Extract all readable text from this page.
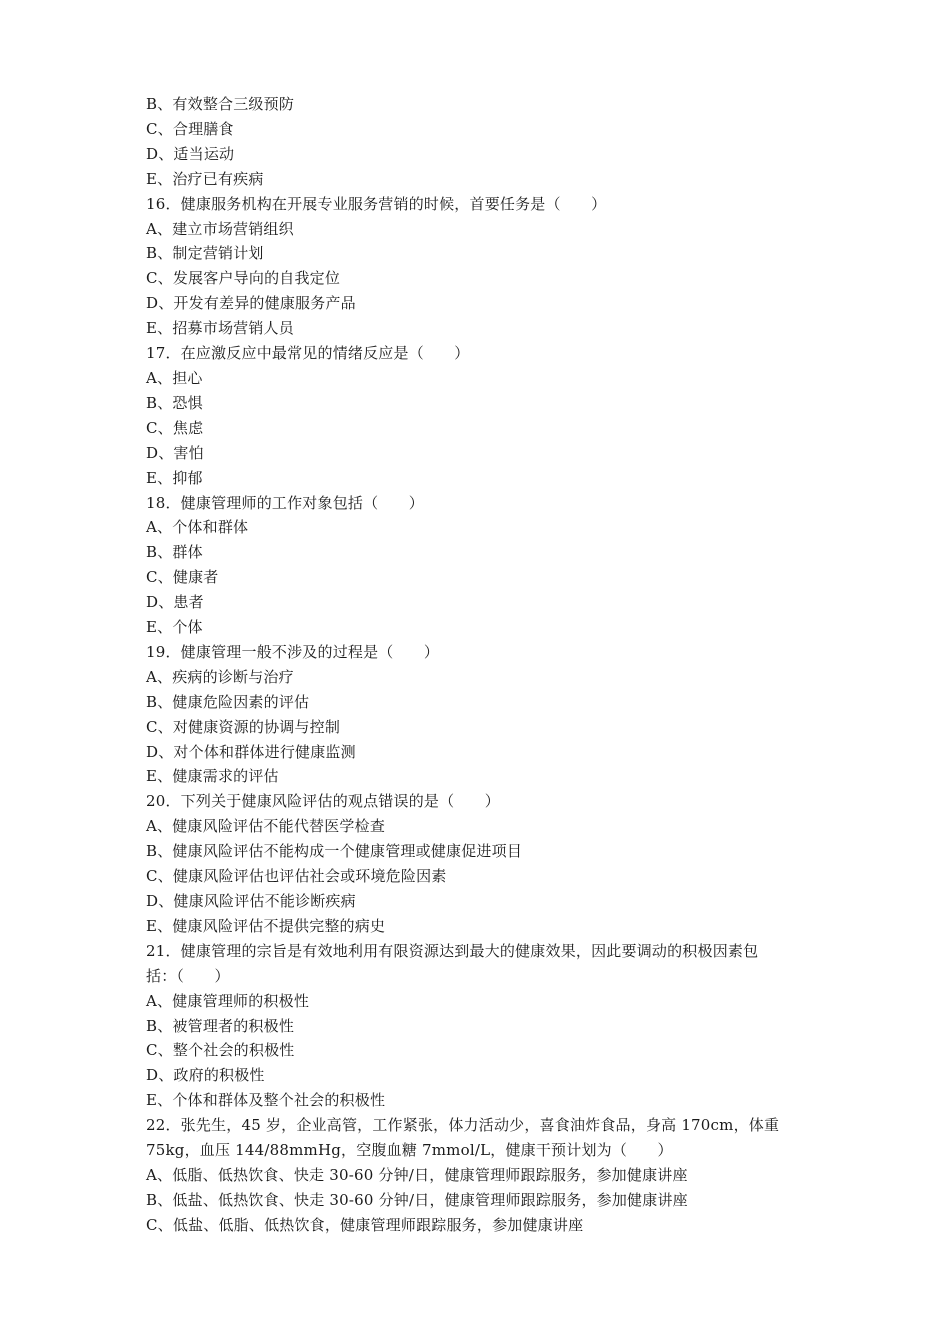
B、有效整合三级预防
C、合理膳食
D、适当运动
E、治疗已有疾病
16．健康服务机构在开展专业服务营销的时候，首要任务是（　　）
A、建立市场营销组织
B、制定营销计划
C、发展客户导向的自我定位
D、开发有差异的健康服务产品
E、招募市场营销人员
17．在应激反应中最常见的情绪反应是（　　）
A、担心
B、恐惧
C、焦虑
D、害怕
E、抑郁
18．健康管理师的工作对象包括（　　）
A、个体和群体
B、群体
C、健康者
D、患者
E、个体
19．健康管理一般不涉及的过程是（　　）
A、疾病的诊断与治疗
B、健康危险因素的评估
C、对健康资源的协调与控制
D、对个体和群体进行健康监测
E、健康需求的评估
20．下列关于健康风险评估的观点错误的是（　　）
A、健康风险评估不能代替医学检查
B、健康风险评估不能构成一个健康管理或健康促进项目
C、健康风险评估也评估社会或环境危险因素
D、健康风险评估不能诊断疾病
E、健康风险评估不提供完整的病史
21．健康管理的宗旨是有效地利用有限资源达到最大的健康效果，因此要调动的积极因素包
括：（　　）
A、健康管理师的积极性
B、被管理者的积极性
C、整个社会的积极性
D、政府的积极性
E、个体和群体及整个社会的积极性
22．张先生，45 岁，企业高管，工作紧张，体力活动少，喜食油炸食品，身高 170cm，体重
75kg，血压 144/88mmHg，空腹血糖 7mmol/L，健康干预计划为（　　）
A、低脂、低热饮食、快走 30-60 分钟/日，健康管理师跟踪服务，参加健康讲座
B、低盐、低热饮食、快走 30-60 分钟/日，健康管理师跟踪服务，参加健康讲座
C、低盐、低脂、低热饮食，健康管理师跟踪服务，参加健康讲座
